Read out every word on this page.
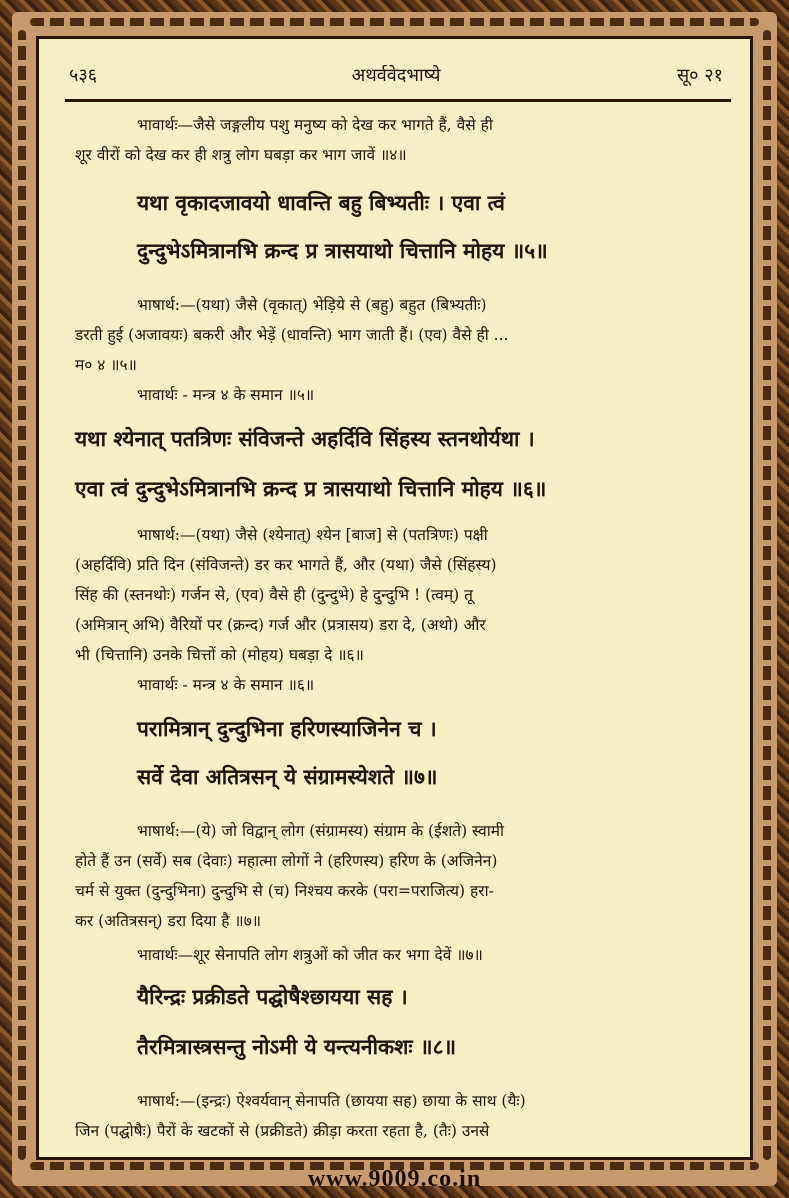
अथर्ववेदभाष्ये
५३६	सू० २१
भावार्थः—जैसे जङ्गलीय पशु मनुष्य को देख कर भागते हैं, वैसे ही
शूर वीरों को देख कर ही शत्रु लोग घबड़ा कर भाग जावें ॥४॥
यथा वृकादजावयो धावन्ति बहु बिभ्यतीः । एवा त्वं
दुन्दुभेऽमित्रानभि क्रन्द प्र त्रासयाथो चित्तानि मोहय ॥५॥
भाषार्थ:—(यथा) जैसे (वृकात्) भेड़िये से (बहु) बहुत (बिभ्यतीः)
डरती हुई (अजावयः) बकरी और भेड़ें (धावन्ति) भाग जाती हैं। (एव) वैसे ही ...
म० ४ ॥५॥
भावार्थः - मन्त्र ४ के समान ॥५॥
यथा श्येनात् पतत्रिणः संविजन्ते अहर्दिवि सिंहस्य स्तनथोर्यथा ।
एवा त्वं दुन्दुभेऽमित्रानभि क्रन्द प्र त्रासयाथो चित्तानि मोहय ॥६॥
भाषार्थ:—(यथा) जैसे (श्येनात्) श्येन [बाज] से (पतत्रिणः) पक्षी
(अहर्दिवि) प्रति दिन (संविजन्ते) डर कर भागते हैं, और (यथा) जैसे (सिंहस्य)
सिंह की (स्तनथोः) गर्जन से, (एव) वैसे ही (दुन्दुभे) हे दुन्दुभि ! (त्वम्) तू
(अमित्रान् अभि) वैरियों पर (क्रन्द) गर्ज और (प्रत्रासय) डरा दे, (अथो) और
भी (चित्तानि) उनके चित्तों को (मोहय) घबड़ा दे ॥६॥
भावार्थः - मन्त्र ४ के समान ॥६॥
परामित्रान् दुन्दुभिना हरिणस्याजिनेन च ।
सर्वे देवा अतित्रसन् ये संग्रामस्येशते ॥७॥
भाषार्थ:—(ये) जो विद्वान् लोग (संग्रामस्य) संग्राम के (ईशते) स्वामी
होते हैं उन (सर्वे) सब (देवाः) महात्मा लोगों ने (हरिणस्य) हरिण के (अजिनेन)
चर्म से युक्त (दुन्दुभिना) दुन्दुभि से (च) निश्चय करके (परा=पराजित्य) हरा-
कर (अतित्रसन्) डरा दिया है ॥७॥
भावार्थः—शूर सेनापति लोग शत्रुओं को जीत कर भगा देवें ॥७॥
यैरिन्द्रः प्रक्रीडते पद्घोषैश्छायया सह ।
तैरमित्रास्त्रसन्तु नोऽमी ये यन्त्यनीकशः ॥८॥
भाषार्थ:—(इन्द्रः) ऐश्वर्यवान् सेनापति (छायया सह) छाया के साथ (यैः)
जिन (पद्घोषैः) पैरों के खटकों से (प्रक्रीडते) क्रीड़ा करता रहता है, (तैः) उनसे
www.9009.co.in
